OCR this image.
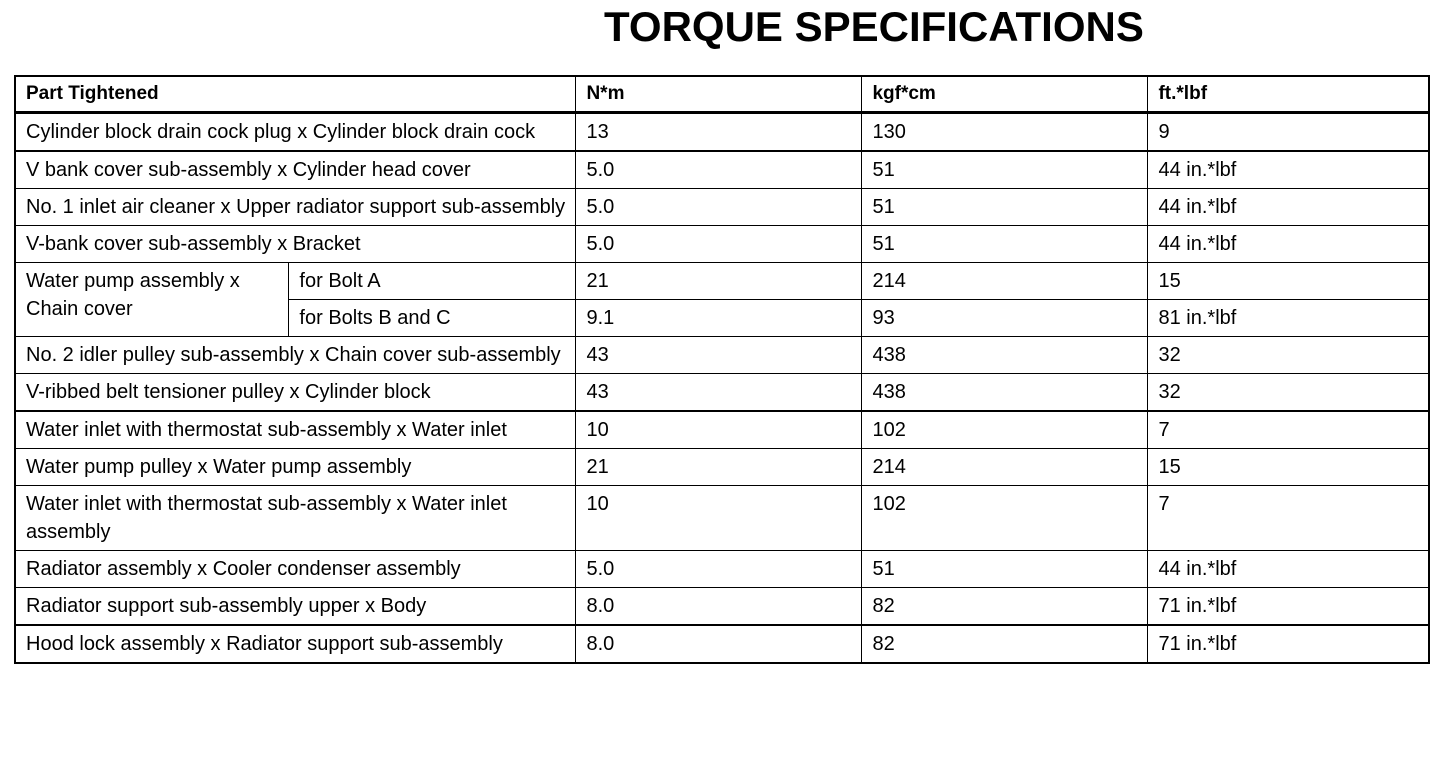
TORQUE SPECIFICATIONS
Part Tightened		N*m	kgf*cm	ft.*lbf
Cylinder block drain cock plug x Cylinder block drain cock		13	130	9
V bank cover sub-assembly x Cylinder head cover		5.0	51	44 in.*lbf
No. 1 inlet air cleaner x Upper radiator support sub-assembly		5.0	51	44 in.*lbf
V-bank cover sub-assembly x Bracket		5.0	51	44 in.*lbf
Water pump assembly x Chain cover	for Bolt A	21	214	15
	for Bolts B and C	9.1	93	81 in.*lbf
No. 2 idler pulley sub-assembly x Chain cover sub-assembly		43	438	32
V-ribbed belt tensioner pulley x Cylinder block		43	438	32
Water inlet with thermostat sub-assembly x Water inlet		10	102	7
Water pump pulley x Water pump assembly		21	214	15
Water inlet with thermostat sub-assembly x Water inlet assembly		10	102	7
Radiator assembly x Cooler condenser assembly		5.0	51	44 in.*lbf
Radiator support sub-assembly upper x Body		8.0	82	71 in.*lbf
Hood lock assembly x Radiator support sub-assembly		8.0	82	71 in.*lbf
